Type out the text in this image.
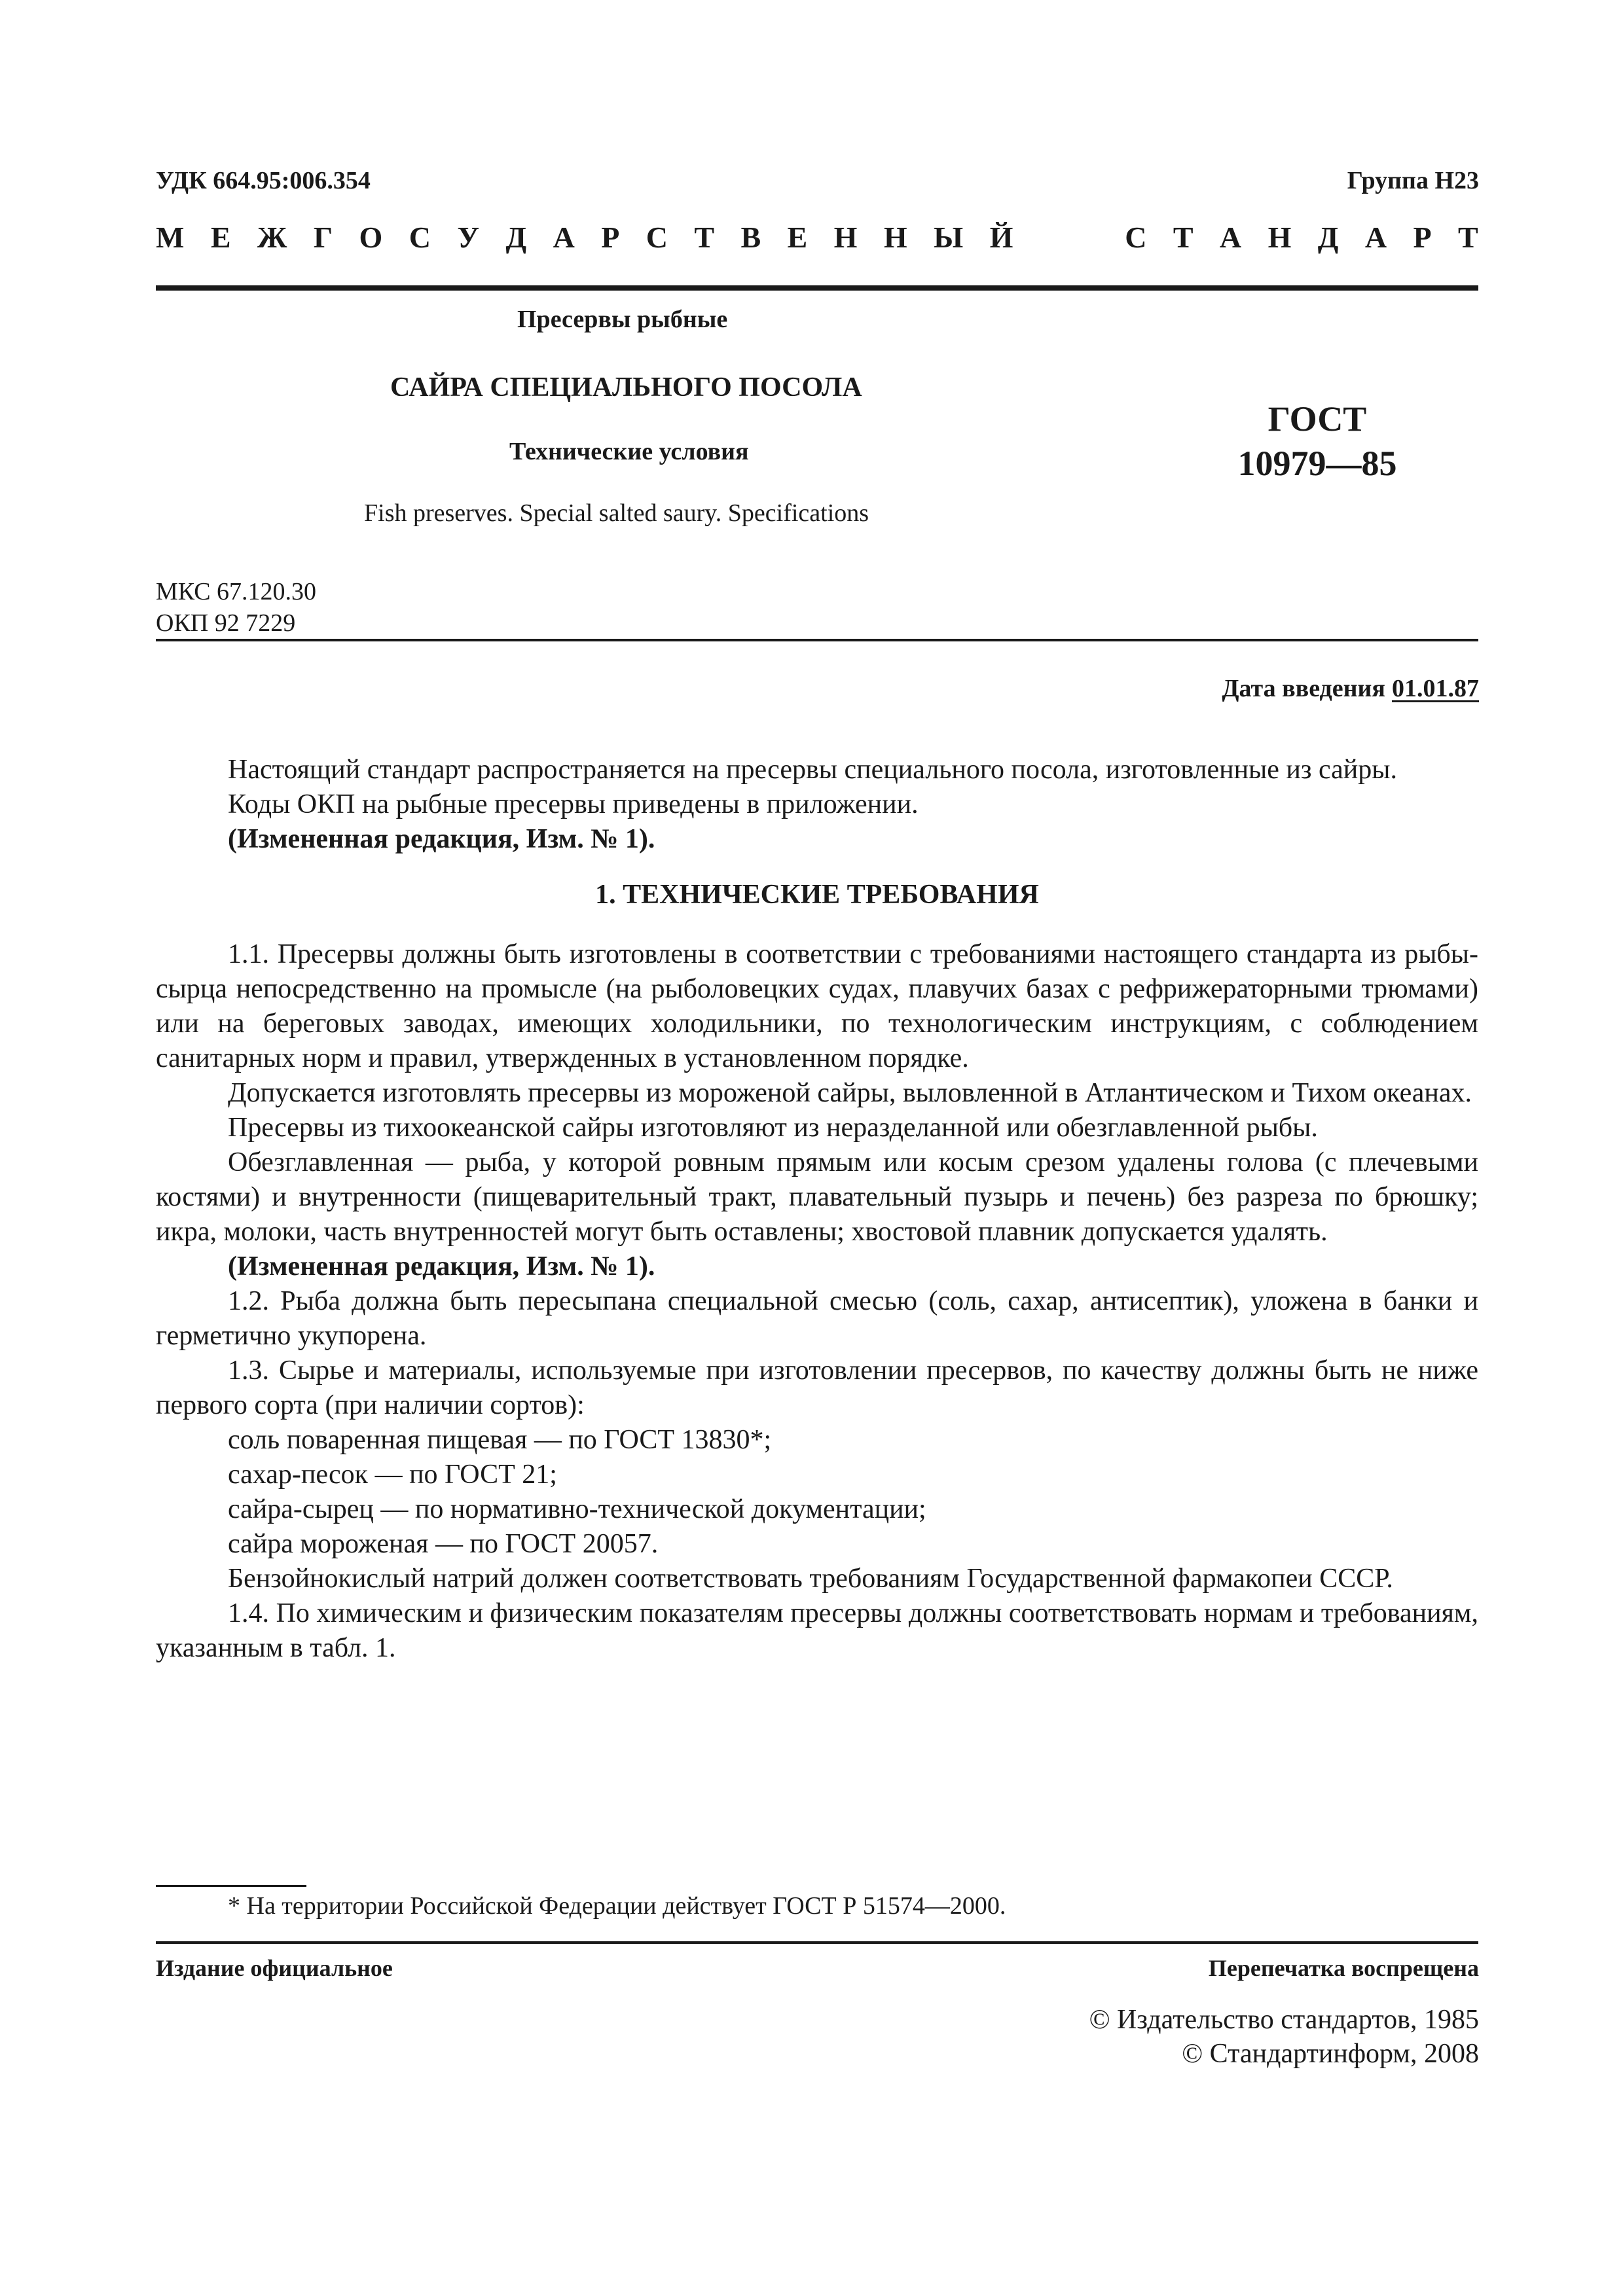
УДК 664.95:006.354	Группа Н23
М Е Ж Г О С У Д А Р С Т В Е Н Н Ы Й	С Т А Н Д А Р Т
Пресервы рыбные
САЙРА СПЕЦИАЛЬНОГО ПОСОЛА
Технические условия
Fish preserves. Special salted saury. Specifications
ГОСТ
10979—85
МКС 67.120.30
ОКП 92 7229
Дата введения 01.01.87

Настоящий стандарт распространяется на пресервы специального посола, изготовленные из сайры.

Коды ОКП на рыбные пресервы приведены в приложении.

(Измененная редакция, Изм. № 1).

1. ТЕХНИЧЕСКИЕ ТРЕБОВАНИЯ

1.1. Пресервы должны быть изготовлены в соответствии с требованиями настоящего стандарта из рыбы-сырца непосредственно на промысле (на рыболовецких судах, плавучих базах с рефрижераторными трюмами) или на береговых заводах, имеющих холодильники, по технологическим инструкциям, с соблюдением санитарных норм и правил, утвержденных в установленном порядке.

Допускается изготовлять пресервы из мороженой сайры, выловленной в Атлантическом и Тихом океанах.

Пресервы из тихоокеанской сайры изготовляют из неразделанной или обезглавленной рыбы.

Обезглавленная — рыба, у которой ровным прямым или косым срезом удалены голова (с плечевыми костями) и внутренности (пищеварительный тракт, плавательный пузырь и печень) без разреза по брюшку; икра, молоки, часть внутренностей могут быть оставлены; хвостовой плавник допускается удалять.

(Измененная редакция, Изм. № 1).

1.2. Рыба должна быть пересыпана специальной смесью (соль, сахар, антисептик), уложена в банки и герметично укупорена.

1.3. Сырье и материалы, используемые при изготовлении пресервов, по качеству должны быть не ниже первого сорта (при наличии сортов):

соль поваренная пищевая — по ГОСТ 13830*;

сахар-песок — по ГОСТ 21;

сайра-сырец — по нормативно-технической документации;

сайра мороженая — по ГОСТ 20057.

Бензойнокислый натрий должен соответствовать требованиям Государственной фармакопеи СССР.

1.4. По химическим и физическим показателям пресервы должны соответствовать нормам и требованиям, указанным в табл. 1.

* На территории Российской Федерации действует ГОСТ Р 51574—2000.
Издание официальное	Перепечатка воспрещена
© Издательство стандартов, 1985
© Стандартинформ, 2008
